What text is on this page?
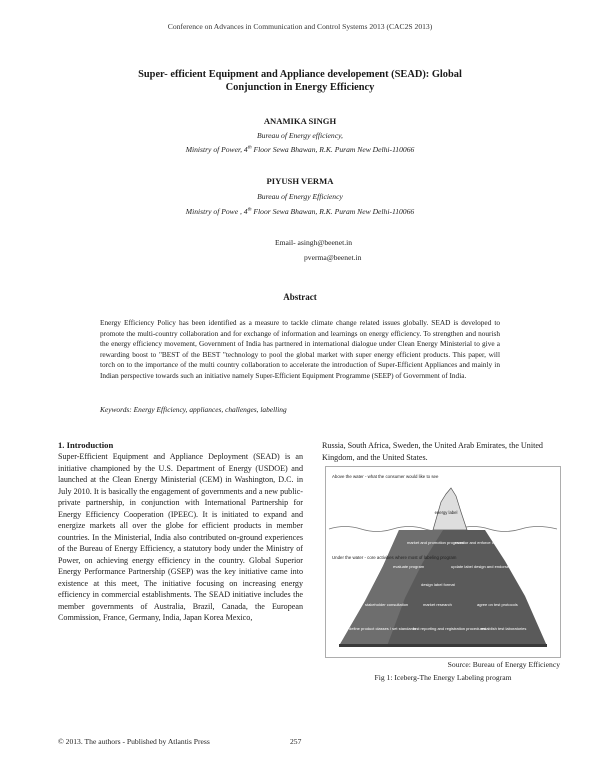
Conference on Advances in Communication and Control Systems 2013 (CAC2S 2013)
Super- efficient Equipment and Appliance developement (SEAD): Global
Conjunction in Energy Efficiency
ANAMIKA SINGH
Bureau of Energy efficiency,
Ministry of Power, 4th Floor Sewa Bhawan, R.K. Puram New Delhi-110066
PIYUSH VERMA
Bureau of Energy Efficiency
Ministry of Powe , 4th Floor Sewa Bhawan, R.K. Puram New Delhi-110066
Email- asingh@beenet.in
pverma@beenet.in
Abstract
Energy Efficiency Policy has been identified as a measure to tackle climate change related issues globally. SEAD is developed to promote the multi-country collaboration and for exchange of information and learnings on energy efficiency. To strengthen and nourish the energy efficiency movement, Government of India has partnered in international dialogue under Clean Energy Ministerial to give a rewarding boost to "BEST of the BEST "technology to pool the global market with super energy efficient products. This paper, will torch on to the importance of the multi country collaboration to accelerate the introduction of Super-Efficient Appliances and mainly in Indian perspective towards such an initiative namely Super-Efficient Equipment Programme (SEEP) of Government of India.
Keywords: Energy Efficiency, appliances, challenges, labelling
1. Introduction
Super-Efficient Equipment and Appliance Deployment (SEAD) is an initiative championed by the U.S. Department of Energy (USDOE) and launched at the Clean Energy Ministerial (CEM) in Washington, D.C. in July 2010. It is basically the engagement of governments and a new public-private partnership, in conjunction with International Partnership for Energy Efficiency Cooperation (IPEEC). It is initiated to expand and energize markets all over the globe for efficient products in member countries. In the Ministerial, India also contributed on-ground experiences of the Bureau of Energy Efficiency, a statutory body under the Ministry of Power, on achieving energy efficiency in the country. Global Superior Energy Performance Partnership (GSEP) was the key initiative came into existence at this meet, The initiative focusing on increasing energy efficiency in commercial establishments. The SEAD initiative includes the member governments of Australia, Brazil, Canada, the European Commission, France, Germany, India, Japan Korea Mexico,
Russia, South Africa, Sweden, the United Arab Emirates, the United Kingdom, and the United States.
Above the water - what the consumer would like to see
Under the water - core activities where most of labeling program
energy label
market and promotion programs
monitor and enforce compliance
evaluate program	update label design and endorsements
design label format
stakeholder consultation	market research	agree on test protocols
define product classes / set standards
test reporting and registration procedures
establish test laboratories
Source: Bureau of Energy Efficiency
Fig 1: Iceberg-The Energy Labeling program
© 2013. The authors - Published by Atlantis Press	257
